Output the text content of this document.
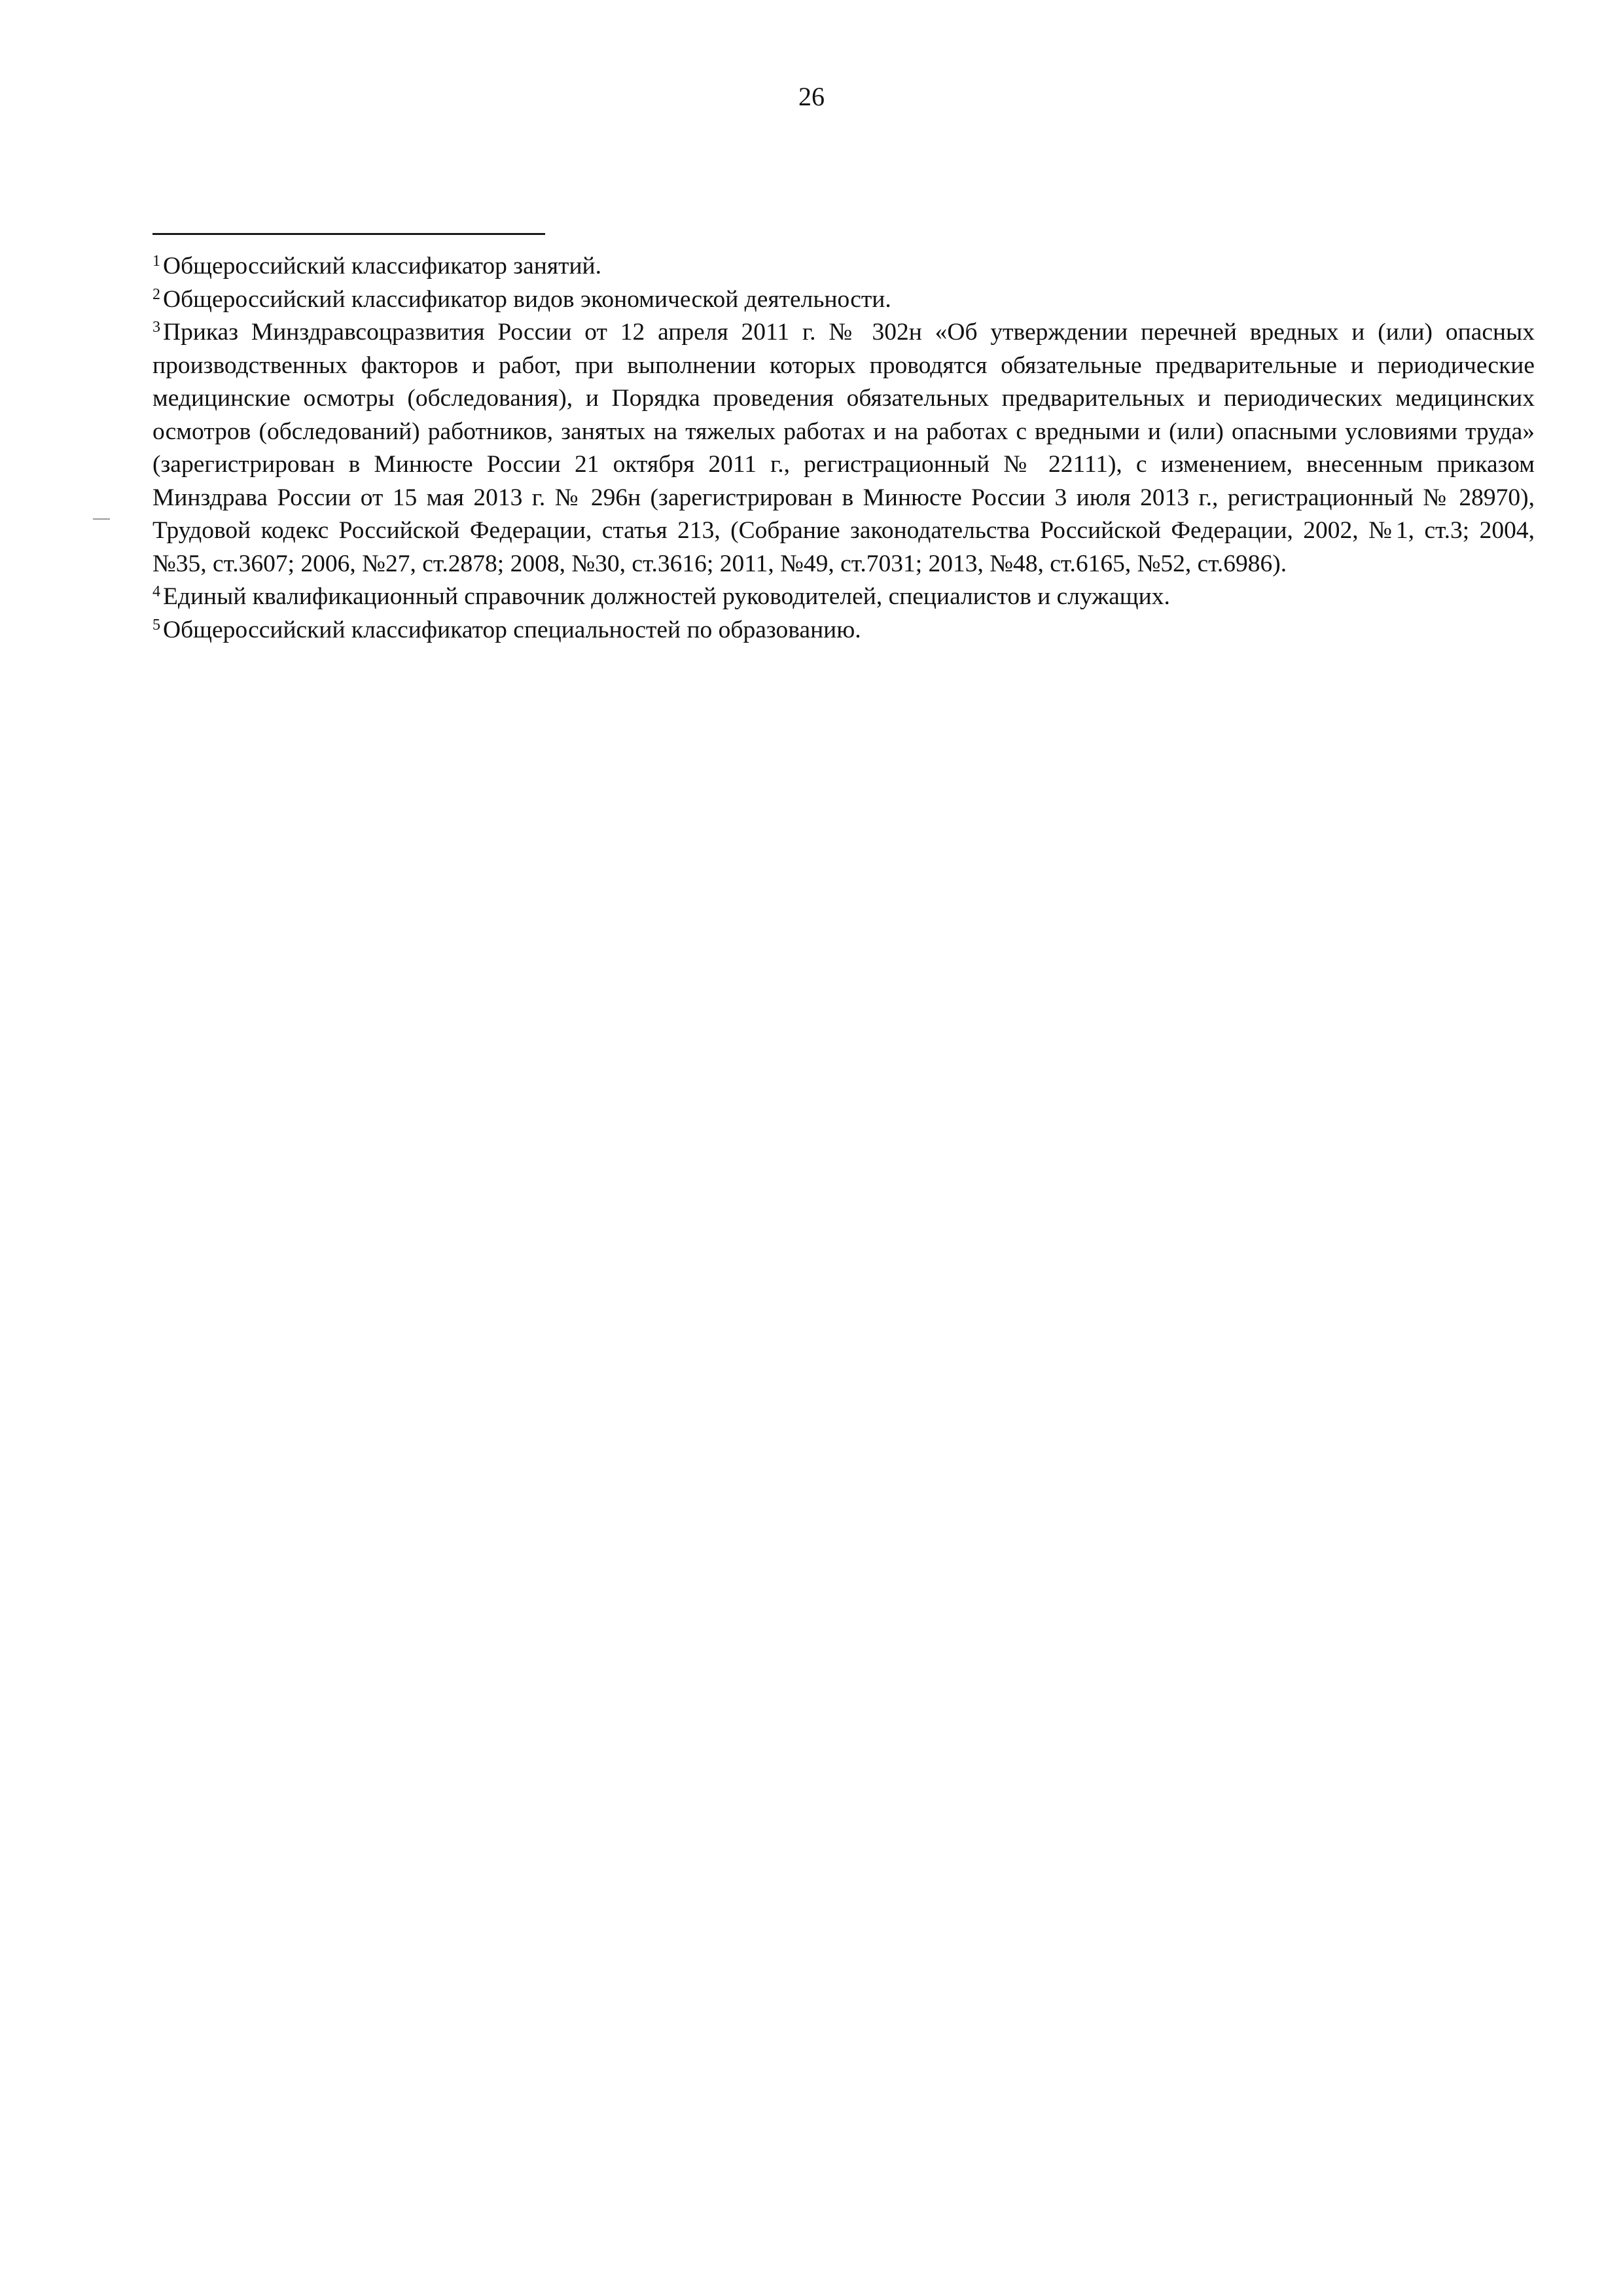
26

$^1$ Общероссийский классификатор занятий.

$^2$ Общероссийский классификатор видов экономической деятельности.

$^3$ Приказ Минздравсоцразвития России от 12 апреля 2011 г. № 302н «Об утверждении перечней вредных и (или) опасных производственных факторов и работ, при выполнении которых проводятся обязательные предварительные и периодические медицинские осмотры (обследования), и Порядка проведения обязательных предварительных и периодических медицинских осмотров (обследований) работников, занятых на тяжелых работах и на работах с вредными и (или) опасными условиями труда» (зарегистрирован в Минюсте России 21 октября 2011 г., регистрационный № 22111), с изменением, внесенным приказом Минздрава России от 15 мая 2013 г. № 296н (зарегистрирован в Минюсте России 3 июля 2013 г., регистрационный № 28970), Трудовой кодекс Российской Федерации, статья 213, (Собрание законодательства Российской Федерации, 2002, №1, ст.3; 2004, №35, ст.3607; 2006, №27, ст.2878; 2008, №30, ст.3616; 2011, №49, ст.7031; 2013, №48, ст.6165, №52, ст.6986).

$^4$ Единый квалификационный справочник должностей руководителей, специалистов и служащих.

$^5$ Общероссийский классификатор специальностей по образованию.
